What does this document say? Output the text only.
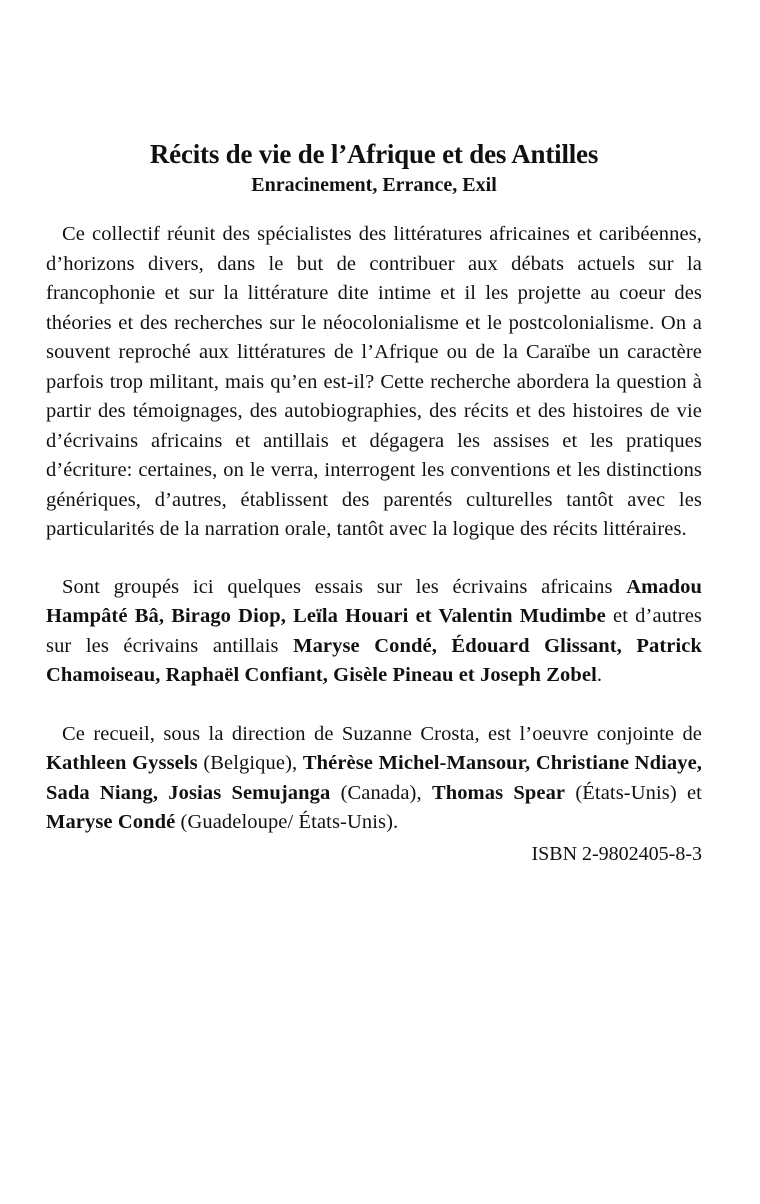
Récits de vie de l’Afrique et des Antilles
Enracinement, Errance, Exil

Ce collectif réunit des spécialistes des littératures africaines et caribéennes, d’horizons divers, dans le but de contribuer aux débats actuels sur la francophonie et sur la littérature dite intime et il les projette au coeur des théories et des recherches sur le néocolonialisme et le postcolonialisme. On a souvent reproché aux littératures de l’Afrique ou de la Caraïbe un caractère parfois trop militant, mais qu’en est-il? Cette recherche abordera la question à partir des témoignages, des autobiographies, des récits et des histoires de vie d’écrivains africains et antillais et dégagera les assises et les pratiques d’écriture: certaines, on le verra, interrogent les conventions et les distinctions génériques, d’autres, établissent des parentés culturelles tantôt avec les particularités de la narration orale, tantôt avec la logique des récits littéraires.

Sont groupés ici quelques essais sur les écrivains africains Amadou Hampâté Bâ, Birago Diop, Leïla Houari et Valentin Mudimbe et d’autres sur les écrivains antillais Maryse Condé, Édouard Glissant, Patrick Chamoiseau, Raphaël Confiant, Gisèle Pineau et Joseph Zobel.

Ce recueil, sous la direction de Suzanne Crosta, est l’oeuvre conjointe de Kathleen Gyssels (Belgique), Thérèse Michel-Mansour, Christiane Ndiaye, Sada Niang, Josias Semujanga (Canada), Thomas Spear (États-Unis) et Maryse Condé (Guadeloupe/ États-Unis).

ISBN 2-9802405-8-3
